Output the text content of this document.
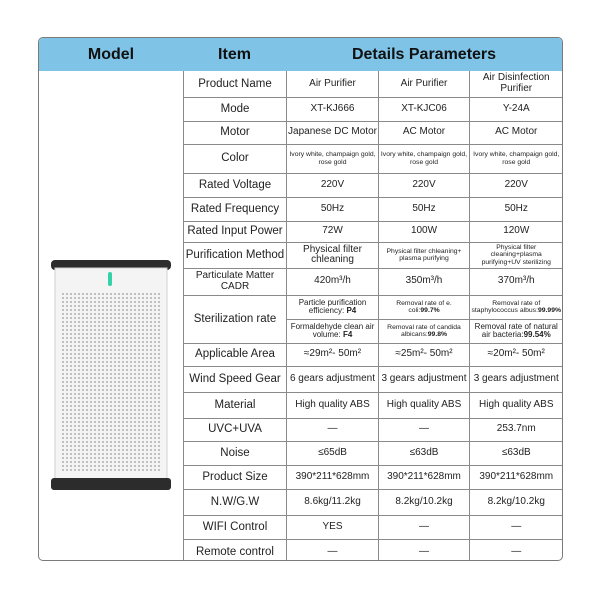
Model	Item	Details Parameters
Product Name	Air Purifier	Air Purifier	Air Disinfection Purifier
Mode	XT-KJ666	XT-KJC06	Y-24A
Motor	Japanese DC Motor	AC Motor	AC Motor
Color	Ivory white, champaign gold, rose gold	Ivory white, champaign gold, rose gold	Ivory white, champaign gold, rose gold
Rated Voltage	220V	220V	220V
Rated Frequency	50Hz	50Hz	50Hz
Rated Input Power	72W	100W	120W
Purification Method	Physical filter chleaning	Physical filter chleaning+ plasma purifying	Physical filter cleaning+plasma purifying+UV sterilizing
Particulate Matter CADR	420m³/h	350m³/h	370m³/h
Sterilization rate	Particle purification efficiency: P4	Removal rate of e. coli:99.7%	Removal rate of staphylococcus albus:99.99%
	Formaldehyde clean air volume: F4	Removal rate of candida albicans:99.8%	Removal rate of natural air bacteria:99.54%
Applicable Area	≈29m²- 50m²	≈25m²- 50m²	≈20m²- 50m²
Wind Speed Gear	6 gears adjustment	3 gears adjustment	3 gears adjustment
Material	High quality ABS	High quality ABS	High quality ABS
UVC+UVA	—	—	253.7nm
Noise	≤65dB	≤63dB	≤63dB
Product Size	390*211*628mm	390*211*628mm	390*211*628mm
N.W/G.W	8.6kg/11.2kg	8.2kg/10.2kg	8.2kg/10.2kg
WIFI Control	YES	—	—
Remote control	—	—	—
